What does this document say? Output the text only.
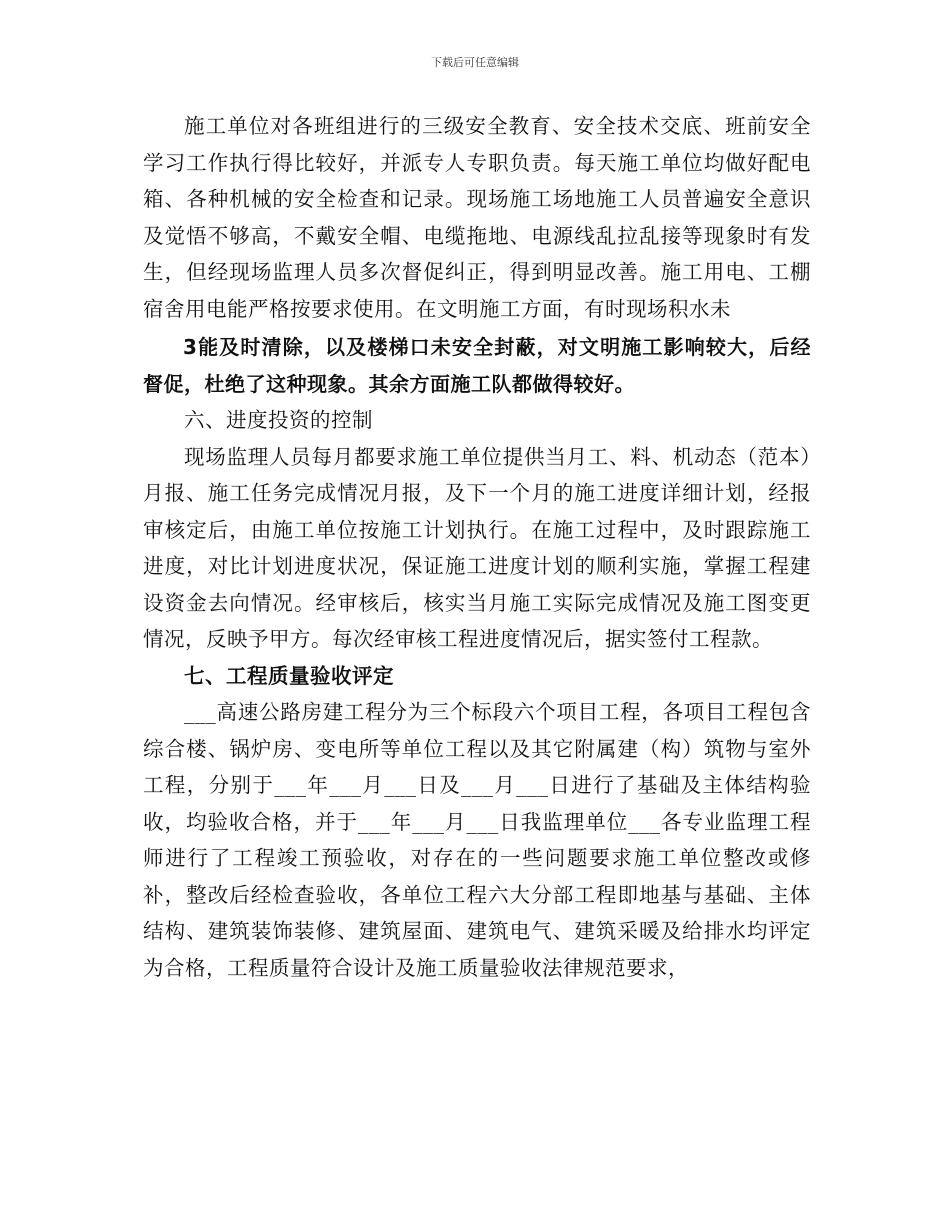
下载后可任意编辑

施工单位对各班组进行的三级安全教育、安全技术交底、班前安全学习工作执行得比较好，并派专人专职负责。每天施工单位均做好配电箱、各种机械的安全检查和记录。现场施工场地施工人员普遍安全意识及觉悟不够高，不戴安全帽、电缆拖地、电源线乱拉乱接等现象时有发生，但经现场监理人员多次督促纠正，得到明显改善。施工用电、工棚宿舍用电能严格按要求使用。在文明施工方面，有时现场积水未

3能及时清除，以及楼梯口未安全封蔽，对文明施工影响较大，后经督促，杜绝了这种现象。其余方面施工队都做得较好。

六、进度投资的控制

现场监理人员每月都要求施工单位提供当月工、料、机动态（范本）月报、施工任务完成情况月报，及下一个月的施工进度详细计划，经报审核定后，由施工单位按施工计划执行。在施工过程中，及时跟踪施工进度，对比计划进度状况，保证施工进度计划的顺利实施，掌握工程建设资金去向情况。经审核后，核实当月施工实际完成情况及施工图变更情况，反映予甲方。每次经审核工程进度情况后，据实签付工程款。

七、工程质量验收评定

___高速公路房建工程分为三个标段六个项目工程，各项目工程包含综合楼、锅炉房、变电所等单位工程以及其它附属建（构）筑物与室外工程，分别于___年___月___日及___月___日进行了基础及主体结构验收，均验收合格，并于___年___月___日我监理单位___各专业监理工程师进行了工程竣工预验收，对存在的一些问题要求施工单位整改或修补，整改后经检查验收，各单位工程六大分部工程即地基与基础、主体结构、建筑装饰装修、建筑屋面、建筑电气、建筑采暖及给排水均评定为合格，工程质量符合设计及施工质量验收法律规范要求，
